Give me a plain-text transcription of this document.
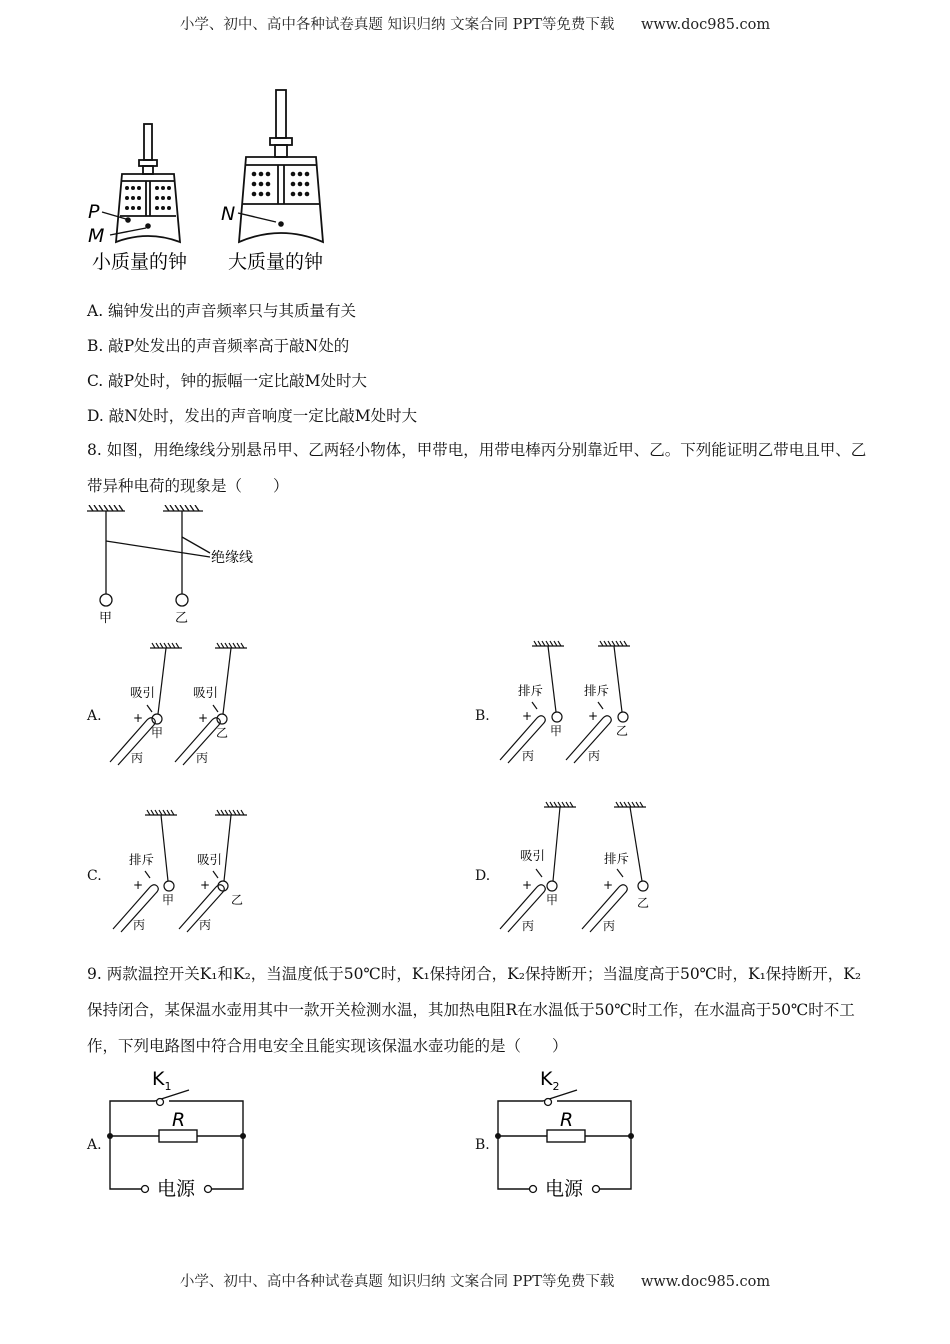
小学、初中、高中各种试卷真题 知识归纳 文案合同 PPT等免费下载 www.doc985.com
P
M
N
小质量的钟 大质量的钟
A. 编钟发出的声音频率只与其质量有关
B. 敲P处发出的声音频率高于敲N处的
C. 敲P处时，钟的振幅一定比敲M处时大
D. 敲N处时，发出的声音响度一定比敲M处时大
8. 如图，用绝缘线分别悬吊甲、乙两轻小物体，甲带电，用带电棒丙分别靠近甲、乙。下列能证明乙带电且甲、乙带异种电荷的现象是（　　）
绝缘线
甲	乙
A.	B.
C.	D.
吸引	吸引
+	+
甲	乙
丙	丙
排斥	排斥
+	+
甲	乙
丙	丙
排斥	吸引
+	+
甲	乙
丙	丙
吸引	排斥
+	+
甲	乙
丙	丙
9. 两款温控开关K₁和K₂，当温度低于50℃时，K₁保持闭合，K₂保持断开；当温度高于50℃时，K₁保持断开，K₂保持闭合，某保温水壶用其中一款开关检测水温，其加热电阻R在水温低于50℃时工作，在水温高于50℃时不工作，下列电路图中符合用电安全且能实现该保温水壶功能的是（　　）
A.	B.
$K_1$
R
电源
$K_2$
R
电源
小学、初中、高中各种试卷真题 知识归纳 文案合同 PPT等免费下载 www.doc985.com
